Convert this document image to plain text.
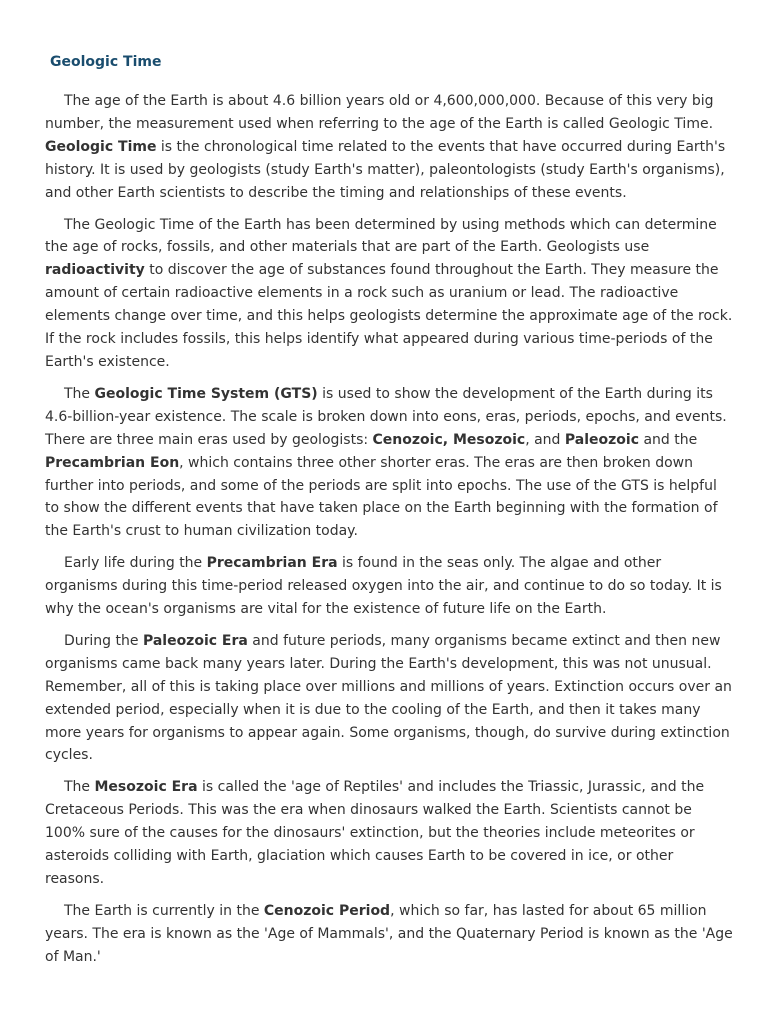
Geologic Time

The age of the Earth is about 4.6 billion years old or 4,600,000,000. Because of this very big number, the measurement used when referring to the age of the Earth is called Geologic Time. Geologic Time is the chronological time related to the events that have occurred during Earth's history. It is used by geologists (study Earth's matter), paleontologists (study Earth's organisms), and other Earth scientists to describe the timing and relationships of these events.

The Geologic Time of the Earth has been determined by using methods which can determine the age of rocks, fossils, and other materials that are part of the Earth. Geologists use radioactivity to discover the age of substances found throughout the Earth. They measure the amount of certain radioactive elements in a rock such as uranium or lead. The radioactive elements change over time, and this helps geologists determine the approximate age of the rock. If the rock includes fossils, this helps identify what appeared during various time-periods of the Earth's existence.

The Geologic Time System (GTS) is used to show the development of the Earth during its 4.6-billion-year existence. The scale is broken down into eons, eras, periods, epochs, and events. There are three main eras used by geologists: Cenozoic, Mesozoic, and Paleozoic and the Precambrian Eon, which contains three other shorter eras. The eras are then broken down further into periods, and some of the periods are split into epochs. The use of the GTS is helpful to show the different events that have taken place on the Earth beginning with the formation of the Earth's crust to human civilization today.

Early life during the Precambrian Era is found in the seas only. The algae and other organisms during this time-period released oxygen into the air, and continue to do so today. It is why the ocean's organisms are vital for the existence of future life on the Earth.

During the Paleozoic Era and future periods, many organisms became extinct and then new organisms came back many years later. During the Earth's development, this was not unusual. Remember, all of this is taking place over millions and millions of years. Extinction occurs over an extended period, especially when it is due to the cooling of the Earth, and then it takes many more years for organisms to appear again. Some organisms, though, do survive during extinction cycles.

The Mesozoic Era is called the 'age of Reptiles' and includes the Triassic, Jurassic, and the Cretaceous Periods. This was the era when dinosaurs walked the Earth. Scientists cannot be 100% sure of the causes for the dinosaurs' extinction, but the theories include meteorites or asteroids colliding with Earth, glaciation which causes Earth to be covered in ice, or other reasons.

The Earth is currently in the Cenozoic Period, which so far, has lasted for about 65 million years. The era is known as the 'Age of Mammals', and the Quaternary Period is known as the 'Age of Man.'
